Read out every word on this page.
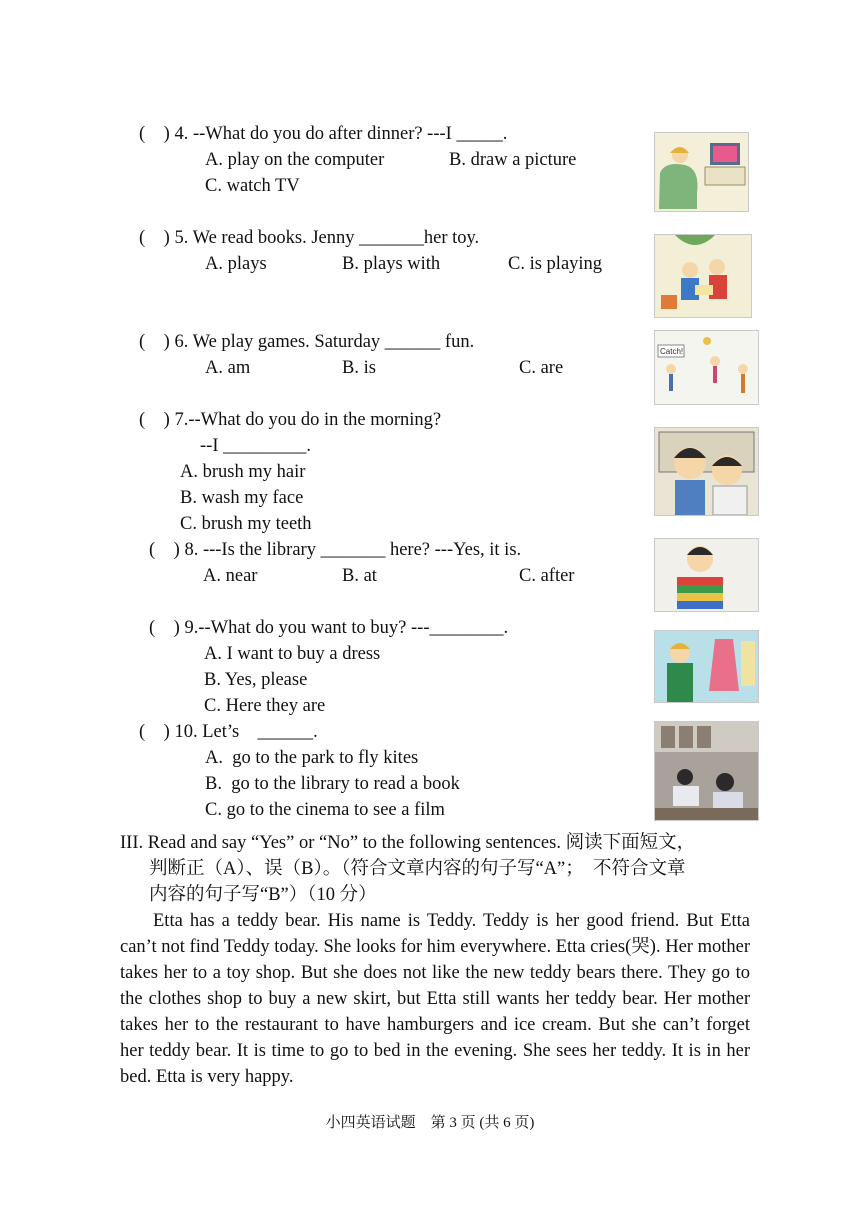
(    ) 4. --What do you do after dinner? ---I _____.
A. play on the computer	B. draw a picture
C. watch TV
(    ) 5. We read books. Jenny _______her toy.
A. plays	B. plays with	C. is playing
(    ) 6. We play games. Saturday ______ fun.
A. am	B. is	C. are
(    ) 7.--What do you do in the morning?
--I _________.
A. brush my hair
B. wash my face
C. brush my teeth
(    ) 8. ---Is the library _______ here? ---Yes, it is.
A. near	B. at	C. after
(    ) 9.--What do you want to buy? ---________.
A. I want to buy a dress
B. Yes, please
C. Here they are
(    ) 10. Let’s    ______.
A.  go to the park to fly kites
B.  go to the library to read a book
C. go to the cinema to see a film
III. Read and say “Yes” or “No” to the following sentences. 阅读下面短文，
判断正（A）、误（B）。（符合文章内容的句子写“A”；　不符合文章
内容的句子写“B”）（10 分）
Etta has a teddy bear. His name is Teddy. Teddy is her good friend. But Etta can’t not find Teddy today. She looks for him everywhere. Etta cries(哭). Her mother takes her to a toy shop. But she does not like the new teddy bears there. They go to the clothes shop to buy a new skirt, but Etta still wants her teddy bear. Her mother takes her to the restaurant to have hamburgers and ice cream. But she can’t forget her teddy bear. It is time to go to bed in the evening. She sees her teddy. It is in her bed. Etta is very happy.
小四英语试题　第 3 页 (共 6 页)
Catch!
